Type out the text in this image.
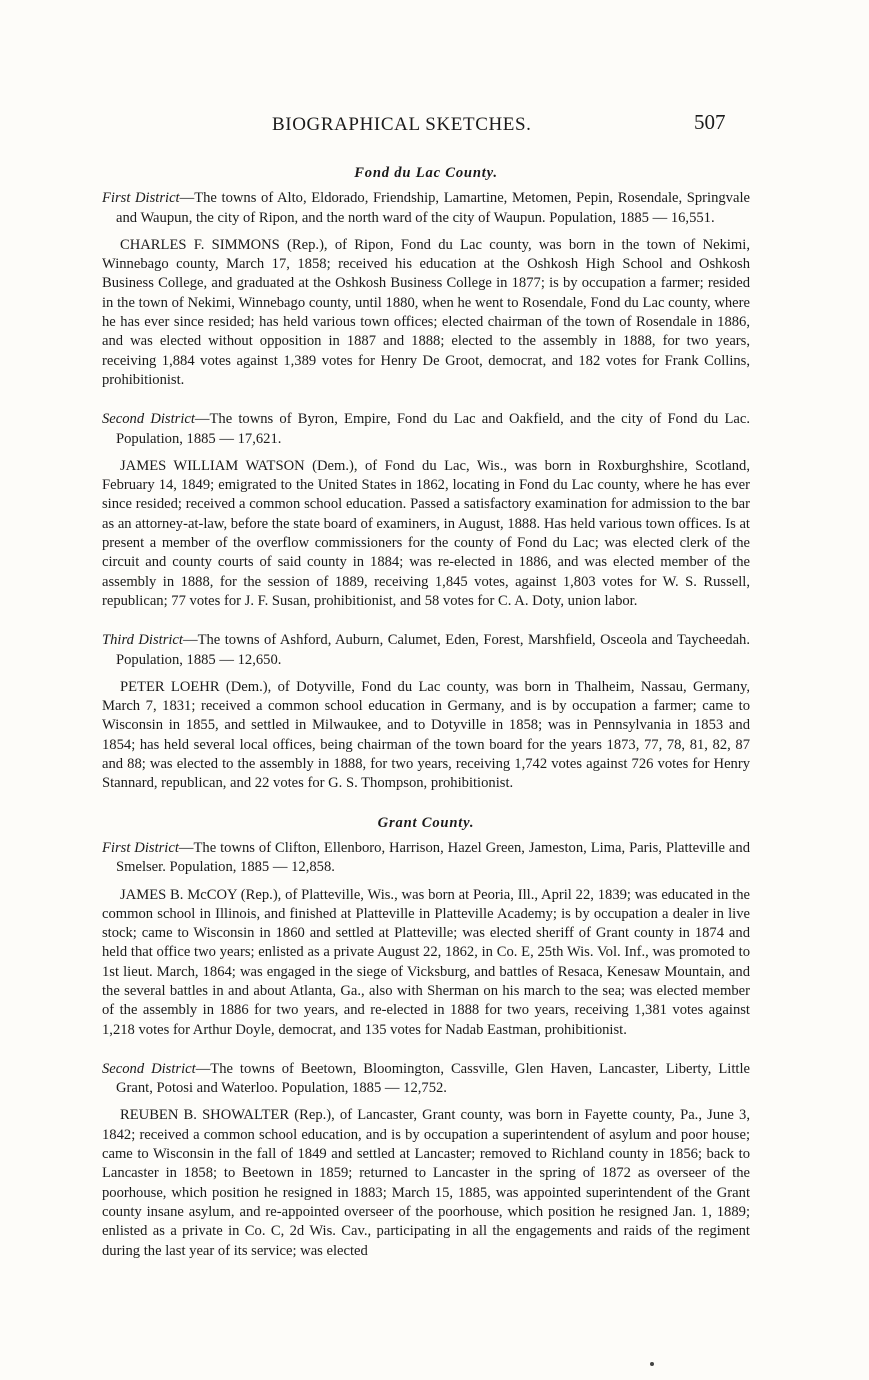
BIOGRAPHICAL SKETCHES.	507
Fond du Lac County.

First District—The towns of Alto, Eldorado, Friendship, Lamartine, Metomen, Pepin, Rosendale, Springvale and Waupun, the city of Ripon, and the north ward of the city of Waupun. Population, 1885 — 16,551.

CHARLES F. SIMMONS (Rep.), of Ripon, Fond du Lac county, was born in the town of Nekimi, Winnebago county, March 17, 1858; received his education at the Oshkosh High School and Oshkosh Business College, and graduated at the Oshkosh Business College in 1877; is by occupation a farmer; resided in the town of Nekimi, Winnebago county, until 1880, when he went to Rosendale, Fond du Lac county, where he has ever since resided; has held various town offices; elected chairman of the town of Rosendale in 1886, and was elected without opposition in 1887 and 1888; elected to the assembly in 1888, for two years, receiving 1,884 votes against 1,389 votes for Henry De Groot, democrat, and 182 votes for Frank Collins, prohibitionist.

Second District—The towns of Byron, Empire, Fond du Lac and Oakfield, and the city of Fond du Lac. Population, 1885 — 17,621.

JAMES WILLIAM WATSON (Dem.), of Fond du Lac, Wis., was born in Roxburghshire, Scotland, February 14, 1849; emigrated to the United States in 1862, locating in Fond du Lac county, where he has ever since resided; received a common school education. Passed a satisfactory examination for admission to the bar as an attorney-at-law, before the state board of examiners, in August, 1888. Has held various town offices. Is at present a member of the overflow commissioners for the county of Fond du Lac; was elected clerk of the circuit and county courts of said county in 1884; was re-elected in 1886, and was elected member of the assembly in 1888, for the session of 1889, receiving 1,845 votes, against 1,803 votes for W. S. Russell, republican; 77 votes for J. F. Susan, prohibitionist, and 58 votes for C. A. Doty, union labor.

Third District—The towns of Ashford, Auburn, Calumet, Eden, Forest, Marshfield, Osceola and Taycheedah. Population, 1885 — 12,650.

PETER LOEHR (Dem.), of Dotyville, Fond du Lac county, was born in Thalheim, Nassau, Germany, March 7, 1831; received a common school education in Germany, and is by occupation a farmer; came to Wisconsin in 1855, and settled in Milwaukee, and to Dotyville in 1858; was in Pennsylvania in 1853 and 1854; has held several local offices, being chairman of the town board for the years 1873, 77, 78, 81, 82, 87 and 88; was elected to the assembly in 1888, for two years, receiving 1,742 votes against 726 votes for Henry Stannard, republican, and 22 votes for G. S. Thompson, prohibitionist.

Grant County.

First District—The towns of Clifton, Ellenboro, Harrison, Hazel Green, Jameston, Lima, Paris, Platteville and Smelser. Population, 1885 — 12,858.

JAMES B. McCOY (Rep.), of Platteville, Wis., was born at Peoria, Ill., April 22, 1839; was educated in the common school in Illinois, and finished at Platteville in Platteville Academy; is by occupation a dealer in live stock; came to Wisconsin in 1860 and settled at Platteville; was elected sheriff of Grant county in 1874 and held that office two years; enlisted as a private August 22, 1862, in Co. E, 25th Wis. Vol. Inf., was promoted to 1st lieut. March, 1864; was engaged in the siege of Vicksburg, and battles of Resaca, Kenesaw Mountain, and the several battles in and about Atlanta, Ga., also with Sherman on his march to the sea; was elected member of the assembly in 1886 for two years, and re-elected in 1888 for two years, receiving 1,381 votes against 1,218 votes for Arthur Doyle, democrat, and 135 votes for Nadab Eastman, prohibitionist.

Second District—The towns of Beetown, Bloomington, Cassville, Glen Haven, Lancaster, Liberty, Little Grant, Potosi and Waterloo. Population, 1885 — 12,752.

REUBEN B. SHOWALTER (Rep.), of Lancaster, Grant county, was born in Fayette county, Pa., June 3, 1842; received a common school education, and is by occupation a superintendent of asylum and poor house; came to Wisconsin in the fall of 1849 and settled at Lancaster; removed to Richland county in 1856; back to Lancaster in 1858; to Beetown in 1859; returned to Lancaster in the spring of 1872 as overseer of the poorhouse, which position he resigned in 1883; March 15, 1885, was appointed superintendent of the Grant county insane asylum, and re-appointed overseer of the poorhouse, which position he resigned Jan. 1, 1889; enlisted as a private in Co. C, 2d Wis. Cav., participating in all the engagements and raids of the regiment during the last year of its service; was elected
